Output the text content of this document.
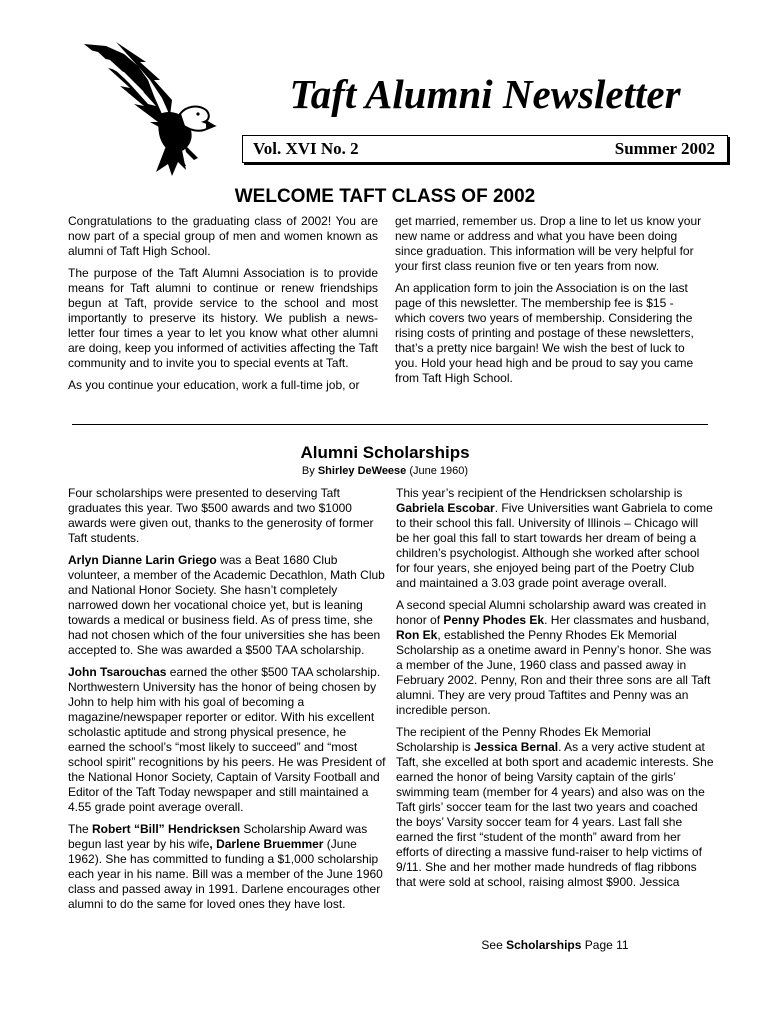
Taft Alumni Newsletter
Vol. XVI No. 2	Summer 2002
WELCOME TAFT CLASS OF 2002

Congratulations to the graduating class of 2002! You are now part of a special group of men and women known as alumni of Taft High School.

The purpose of the Taft Alumni Association is to provide means for Taft alumni to continue or renew friendships begun at Taft, provide service to the school and most importantly to preserve its history. We publish a news-letter four times a year to let you know what other alumni are doing, keep you informed of activities affecting the Taft community and to invite you to special events at Taft.

As you continue your education, work a full-time job, or

get married, remember us. Drop a line to let us know your new name or address and what you have been doing since graduation. This information will be very helpful for your first class reunion five or ten years from now.

An application form to join the Association is on the last page of this newsletter. The membership fee is $15 - which covers two years of membership. Considering the rising costs of printing and postage of these newsletters, that’s a pretty nice bargain! We wish the best of luck to you. Hold your head high and be proud to say you came from Taft High School.

Alumni Scholarships
By Shirley DeWeese (June 1960)

Four scholarships were presented to deserving Taft graduates this year. Two $500 awards and two $1000 awards were given out, thanks to the generosity of former Taft students.

Arlyn Dianne Larin Griego was a Beat 1680 Club volunteer, a member of the Academic Decathlon, Math Club and National Honor Society. She hasn’t completely narrowed down her vocational choice yet, but is leaning towards a medical or business field. As of press time, she had not chosen which of the four universities she has been accepted to. She was awarded a $500 TAA scholarship.

John Tsarouchas earned the other $500 TAA scholarship. Northwestern University has the honor of being chosen by John to help him with his goal of becoming a magazine/newspaper reporter or editor. With his excellent scholastic aptitude and strong physical presence, he earned the school’s “most likely to succeed” and “most school spirit” recognitions by his peers. He was President of the National Honor Society, Captain of Varsity Football and Editor of the Taft Today newspaper and still maintained a 4.55 grade point average overall.

The Robert “Bill” Hendricksen Scholarship Award was begun last year by his wife, Darlene Bruemmer (June 1962). She has committed to funding a $1,000 scholarship each year in his name. Bill was a member of the June 1960 class and passed away in 1991. Darlene encourages other alumni to do the same for loved ones they have lost.

This year’s recipient of the Hendricksen scholarship is Gabriela Escobar. Five Universities want Gabriela to come to their school this fall. University of Illinois – Chicago will be her goal this fall to start towards her dream of being a children’s psychologist. Although she worked after school for four years, she enjoyed being part of the Poetry Club and maintained a 3.03 grade point average overall.

A second special Alumni scholarship award was created in honor of Penny Phodes Ek. Her classmates and husband, Ron Ek, established the Penny Rhodes Ek Memorial Scholarship as a onetime award in Penny’s honor. She was a member of the June, 1960 class and passed away in February 2002. Penny, Ron and their three sons are all Taft alumni. They are very proud Taftites and Penny was an incredible person.

The recipient of the Penny Rhodes Ek Memorial Scholarship is Jessica Bernal. As a very active student at Taft, she excelled at both sport and academic interests. She earned the honor of being Varsity captain of the girls’ swimming team (member for 4 years) and also was on the Taft girls’ soccer team for the last two years and coached the boys’ Varsity soccer team for 4 years. Last fall she earned the first “student of the month” award from her efforts of directing a massive fund-raiser to help victims of 9/11. She and her mother made hundreds of flag ribbons that were sold at school, raising almost $900. Jessica

See Scholarships Page 11
